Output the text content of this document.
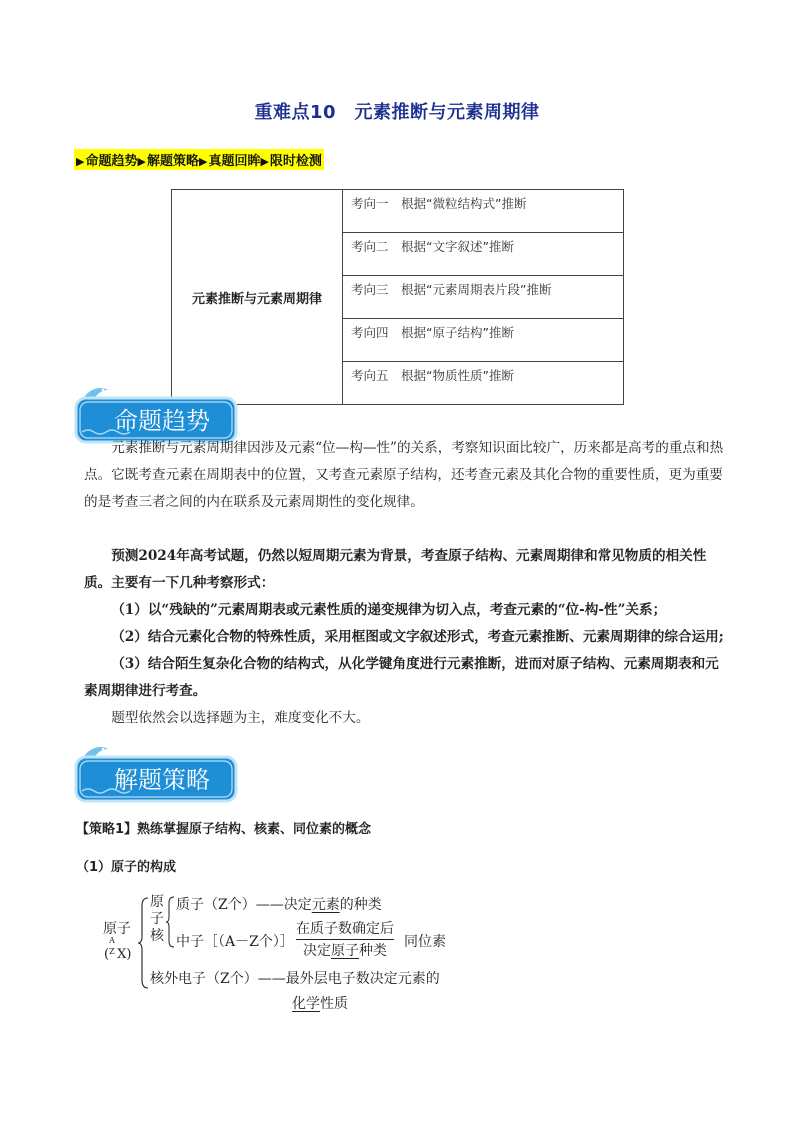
重难点10　元素推断与元素周期律
▶命题趋势▶解题策略▶真题回眸▶限时检测
元素推断与元素周期律	考向一　根据“微粒结构式”推断
考向二　根据“文字叙述”推断
考向三　根据“元素周期表片段”推断
考向四　根据“原子结构”推断
考向五　根据“物质性质”推断
命题趋势
元素推断与元素周期律因涉及元素“位—构—性”的关系，考察知识面比较广，历来都是高考的重点和热点。它既考查元素在周期表中的位置，又考查元素原子结构，还考查元素及其化合物的重要性质，更为重要的是考查三者之间的内在联系及元素周期性的变化规律。
预测2024年高考试题，仍然以短周期元素为背景，考查原子结构、元素周期律和常见物质的相关性质。主要有一下几种考察形式：
（1）以“残缺的”元素周期表或元素性质的递变规律为切入点，考查元素的“位-构-性”关系；
（2）结合元素化合物的特殊性质，采用框图或文字叙述形式，考查元素推断、元素周期律的综合运用;
（3）结合陌生复杂化合物的结构式，从化学键角度进行元素推断，进而对原子结构、元素周期表和元素周期律进行考查。
题型依然会以选择题为主，难度变化不大。
解题策略
【策略1】熟练掌握原子结构、核素、同位素的概念
（1）原子的构成
原子
(
A
Z X)
原
子
核
质子（Z个）——决定元素的种类
中子［（A－Z个）］
在质子数确定后
决定原子种类
同位素
核外电子（Z个）——最外层电子数决定元素的
化学性质
